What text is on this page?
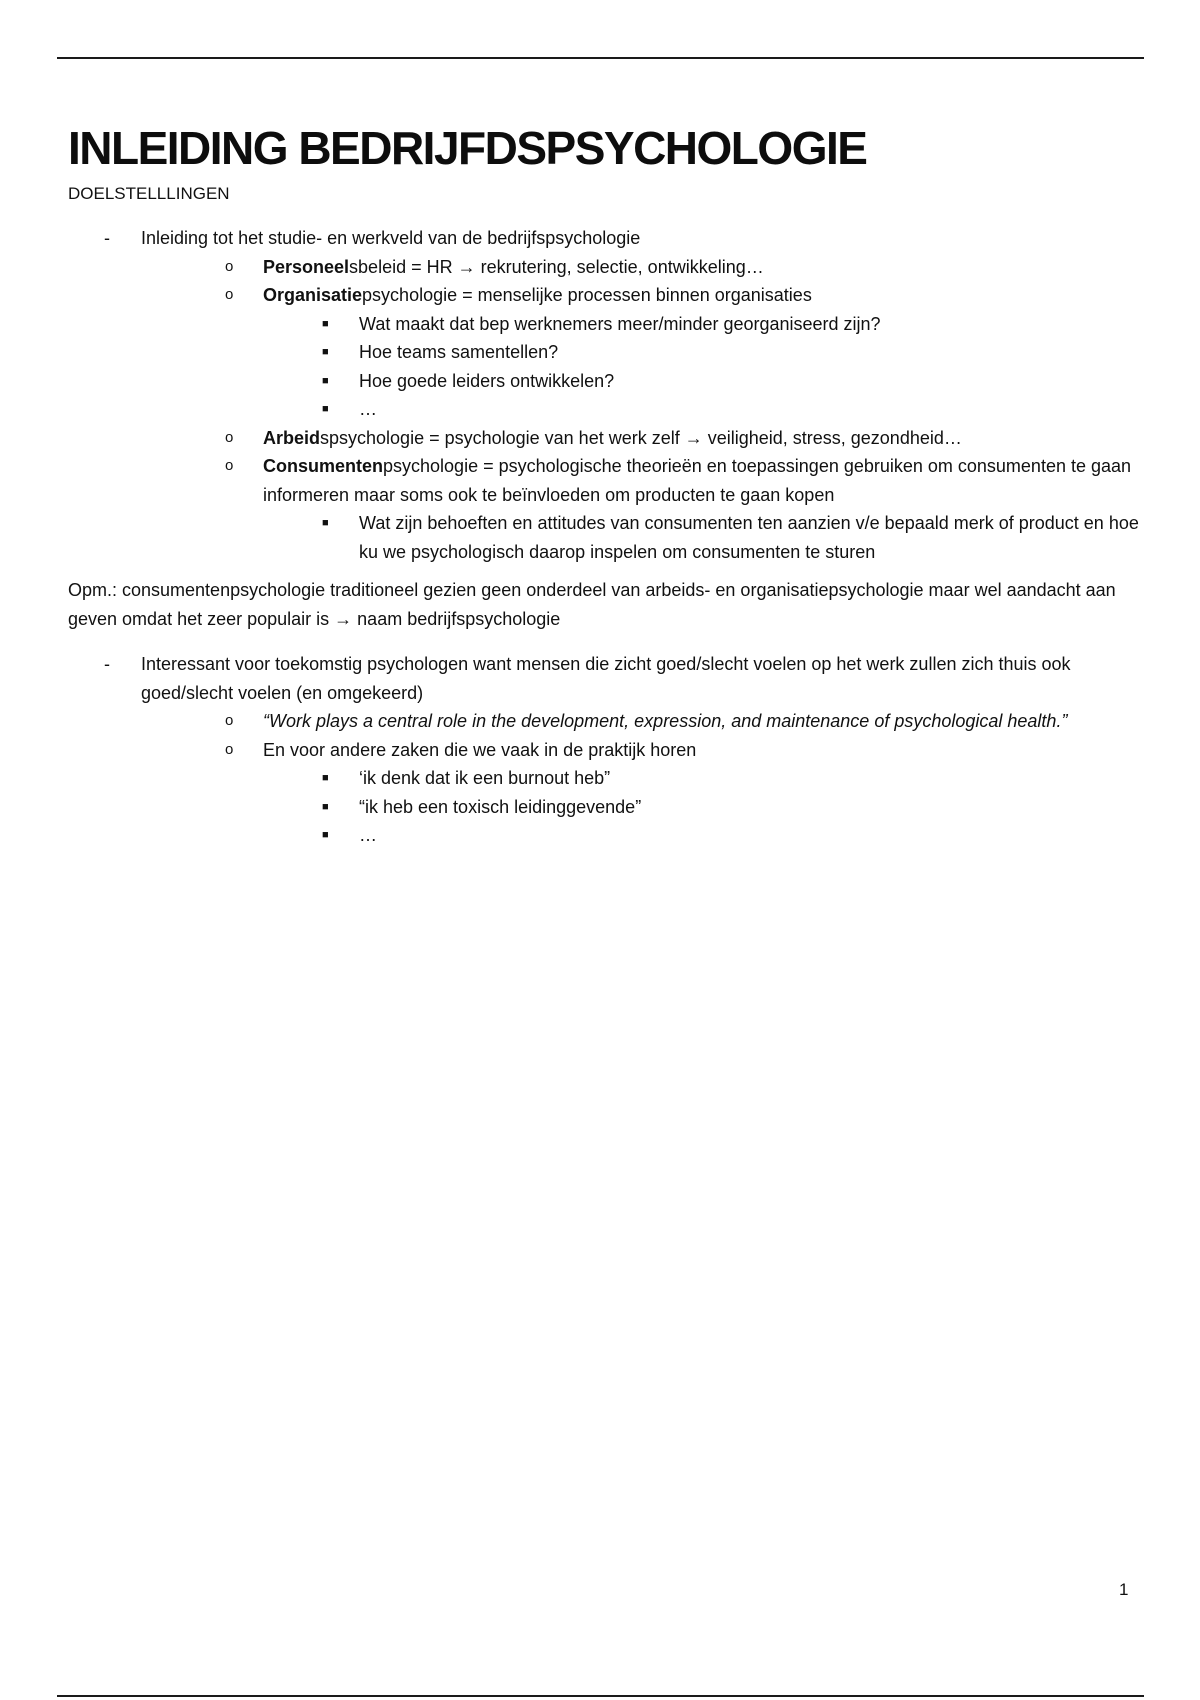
INLEIDING BEDRIJFDSPSYCHOLOGIE
DOELSTELLLINGEN
- Inleiding tot het studie- en werkveld van de bedrijfspsychologie
o Personeelsbeleid = HR → rekrutering, selectie, ontwikkeling…
o Organisatiepsychologie = menselijke processen binnen organisaties
■ Wat maakt dat bep werknemers meer/minder georganiseerd zijn?
■ Hoe teams samentellen?
■ Hoe goede leiders ontwikkelen?
■ …
o Arbeidspsychologie = psychologie van het werk zelf → veiligheid, stress, gezondheid…
o Consumentenpsychologie = psychologische theorieën en toepassingen gebruiken om consumenten te gaan informeren maar soms ook te beïnvloeden om producten te gaan kopen
■ Wat zijn behoeften en attitudes van consumenten ten aanzien v/e bepaald merk of product en hoe ku we psychologisch daarop inspelen om consumenten te sturen
Opm.: consumentenpsychologie traditioneel gezien geen onderdeel van arbeids- en organisatiepsychologie maar wel aandacht aan geven omdat het zeer populair is → naam bedrijfspsychologie
- Interessant voor toekomstig psychologen want mensen die zicht goed/slecht voelen op het werk zullen zich thuis ook goed/slecht voelen (en omgekeerd)
o “Work plays a central role in the development, expression, and maintenance of psychological health.”
o En voor andere zaken die we vaak in de praktijk horen
■ ‘ik denk dat ik een burnout heb”
■ “ik heb een toxisch leidinggevende”
■ …
1
